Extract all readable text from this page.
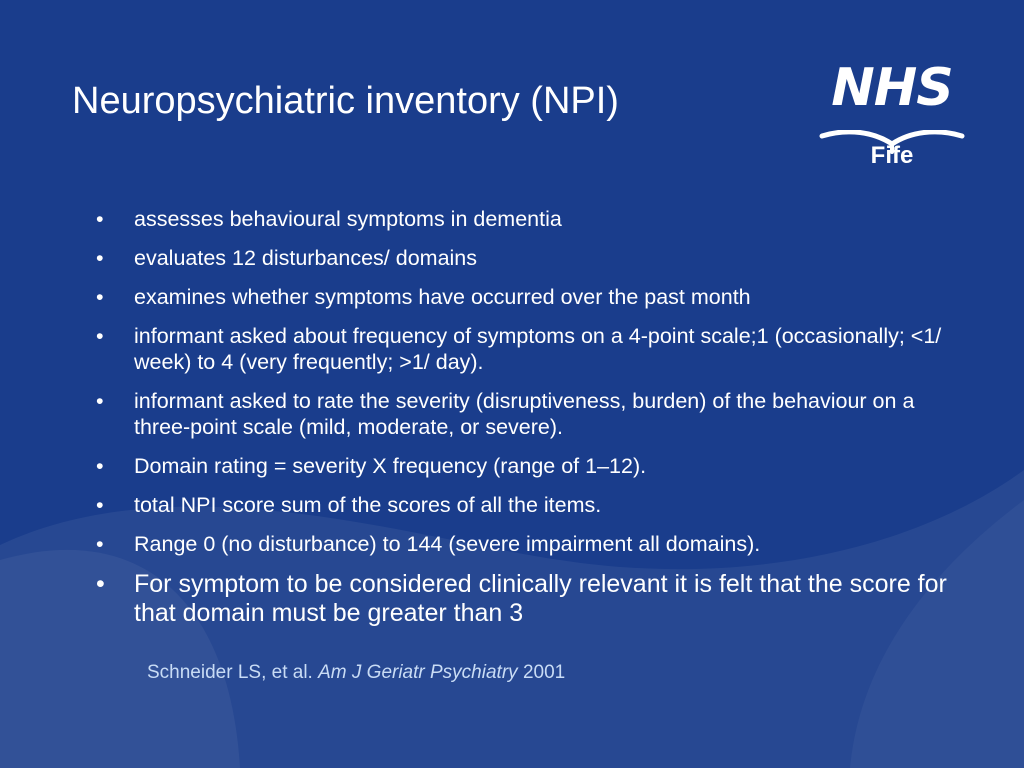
Neuropsychiatric inventory (NPI)	NHS
Fife
• assesses behavioural symptoms in dementia
• evaluates 12 disturbances/ domains
• examines whether symptoms have occurred over the past month
• informant asked about frequency of symptoms on a 4-point scale;1 (occasionally; <1/ week) to 4 (very frequently; >1/ day).
• informant asked to rate the severity (disruptiveness, burden) of the behaviour on a three-point scale (mild, moderate, or severe).
• Domain rating = severity X frequency (range of 1–12).
• total NPI score sum of the scores of all the items.
• Range 0 (no disturbance) to 144 (severe impairment all domains).
• For symptom to be considered clinically relevant it is felt that the score for that domain must be greater than 3
Schneider LS, et al. Am J Geriatr Psychiatry 2001
